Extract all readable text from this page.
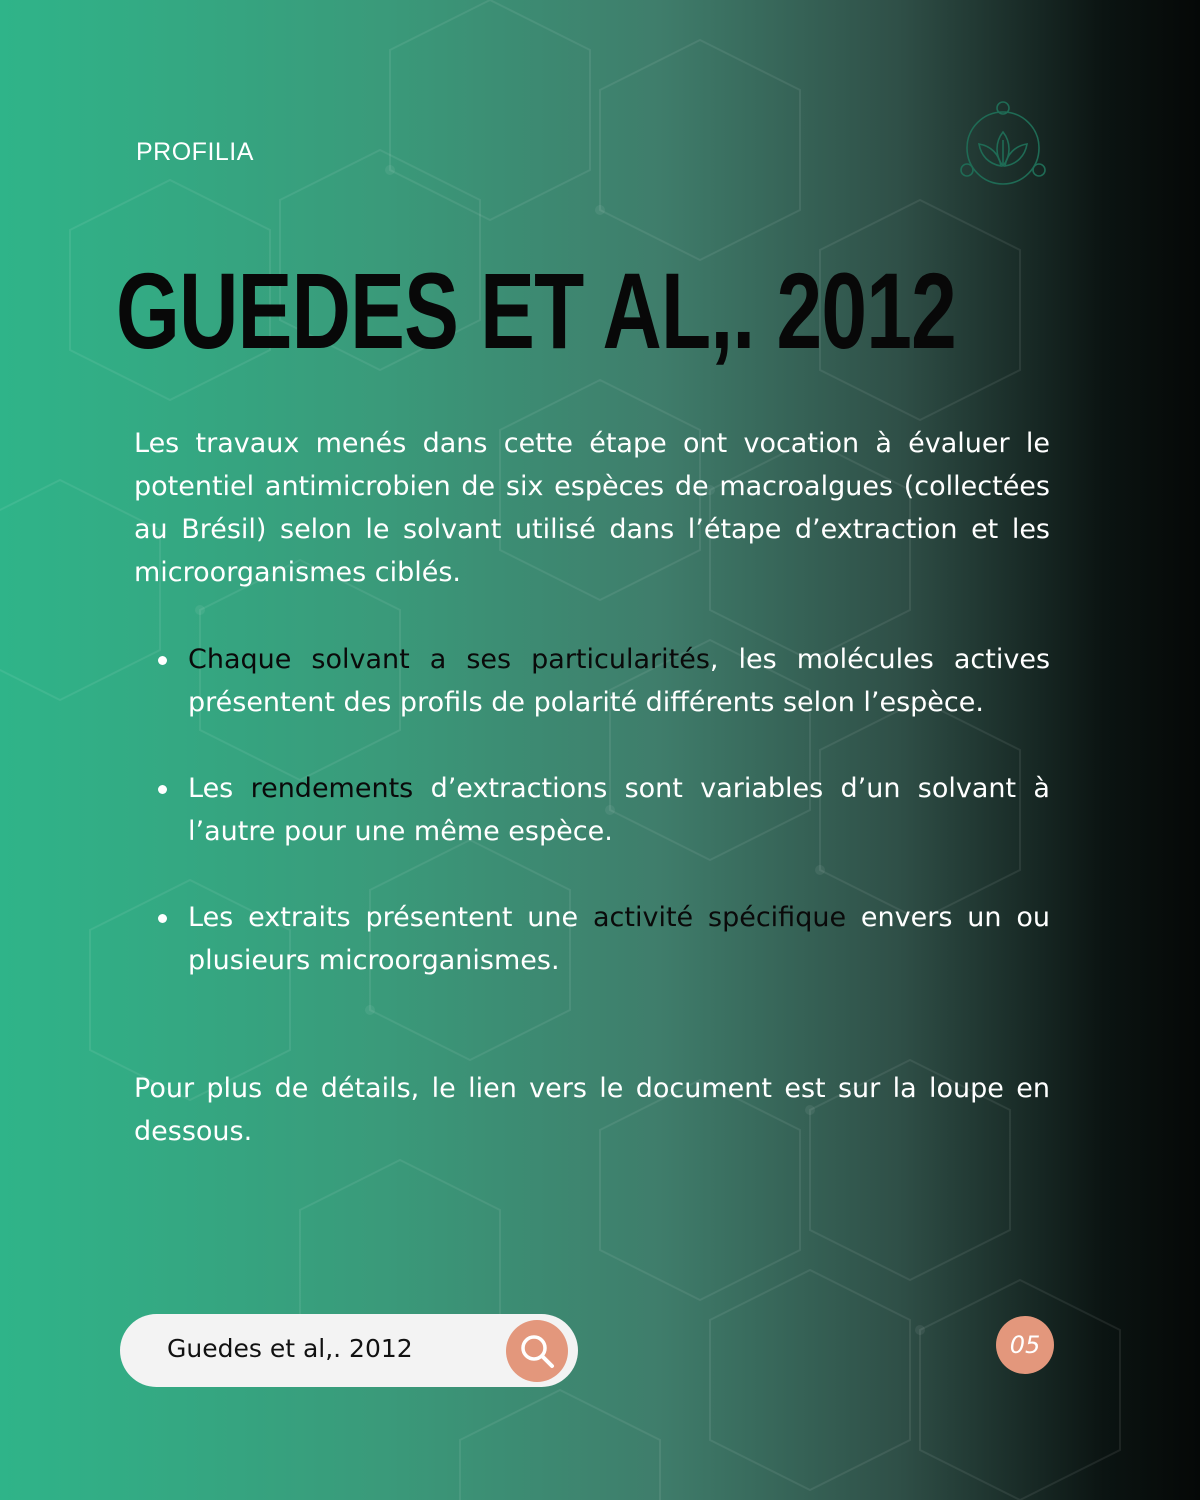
PROFILIA
GUEDES ET AL,. 2012

Les travaux menés dans cette étape ont vocation à évaluer le potentiel antimicrobien de six espèces de macroalgues (collectées au Brésil) selon le solvant utilisé dans l’étape d’extraction et les microorganismes ciblés.

Chaque solvant a ses particularités, les molécules actives présentent des profils de polarité différents selon l’espèce.

Les rendements d’extractions sont variables d’un solvant à l’autre pour une même espèce.

Les extraits présentent une activité spécifique envers un ou plusieurs microorganismes.

Pour plus de détails, le lien vers le document est sur la loupe en dessous.

Guedes et al,. 2012	05
